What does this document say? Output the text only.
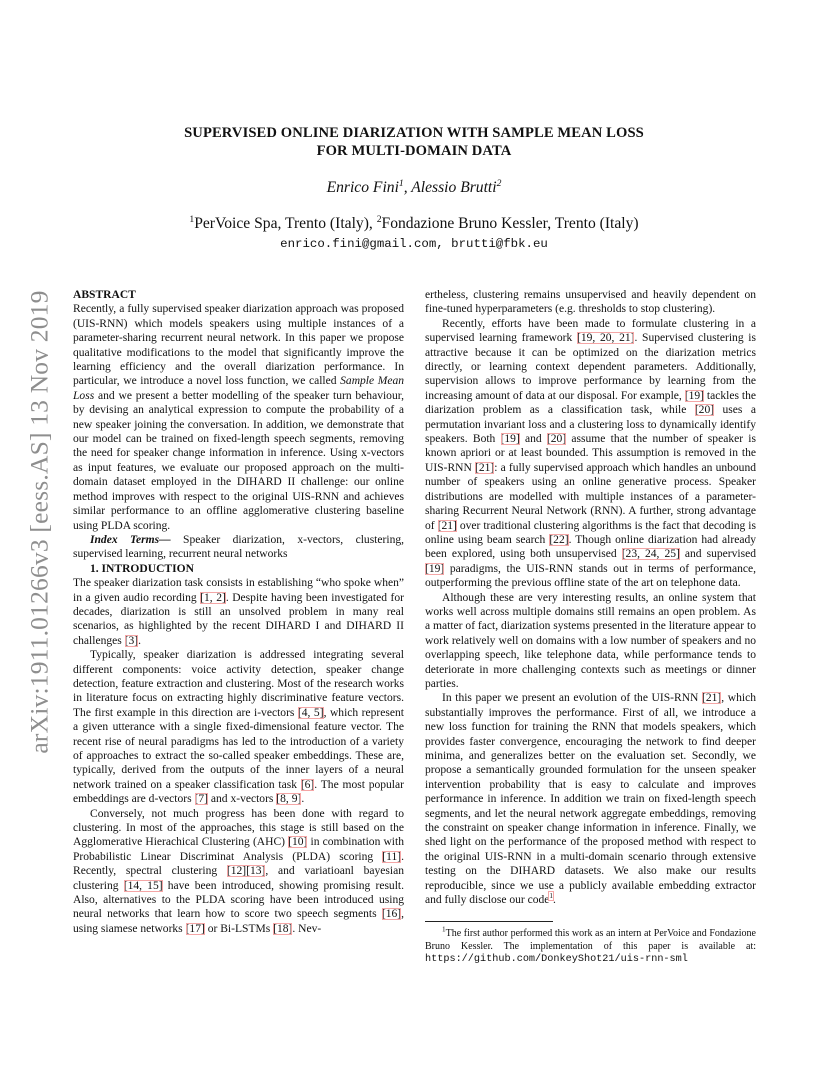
arXiv:1911.01266v3 [eess.AS] 13 Nov 2019
SUPERVISED ONLINE DIARIZATION WITH SAMPLE MEAN LOSS
FOR MULTI-DOMAIN DATA
Enrico Fini$^1$, Alessio Brutti$^2$
$^1$PerVoice Spa, Trento (Italy), $^2$Fondazione Bruno Kessler, Trento (Italy)
enrico.fini@gmail.com, brutti@fbk.eu

ABSTRACT

Recently, a fully supervised speaker diarization approach was proposed (UIS-RNN) which models speakers using multiple instances of a parameter-sharing recurrent neural network. In this paper we propose qualitative modifications to the model that significantly improve the learning efficiency and the overall diarization performance. In particular, we introduce a novel loss function, we called Sample Mean Loss and we present a better modelling of the speaker turn behaviour, by devising an analytical expression to compute the probability of a new speaker joining the conversation. In addition, we demonstrate that our model can be trained on fixed-length speech segments, removing the need for speaker change information in inference. Using x-vectors as input features, we evaluate our proposed approach on the multi-domain dataset employed in the DIHARD II challenge: our online method improves with respect to the original UIS-RNN and achieves similar performance to an offline agglomerative clustering baseline using PLDA scoring.

Index Terms— Speaker diarization, x-vectors, clustering, supervised learning, recurrent neural networks

1. INTRODUCTION

The speaker diarization task consists in establishing “who spoke when” in a given audio recording [1, 2]. Despite having been investigated for decades, diarization is still an unsolved problem in many real scenarios, as highlighted by the recent DIHARD I and DIHARD II challenges [3].

Typically, speaker diarization is addressed integrating several different components: voice activity detection, speaker change detection, feature extraction and clustering. Most of the research works in literature focus on extracting highly discriminative feature vectors. The first example in this direction are i-vectors [4, 5], which represent a given utterance with a single fixed-dimensional feature vector. The recent rise of neural paradigms has led to the introduction of a variety of approaches to extract the so-called speaker embeddings. These are, typically, derived from the outputs of the inner layers of a neural network trained on a speaker classification task [6]. The most popular embeddings are d-vectors [7] and x-vectors [8, 9].

Conversely, not much progress has been done with regard to clustering. In most of the approaches, this stage is still based on the Agglomerative Hierachical Clustering (AHC) [10] in combination with Probabilistic Linear Discriminat Analysis (PLDA) scoring [11]. Recently, spectral clustering [12][13], and variatioanl bayesian clustering [14, 15] have been introduced, showing promising result. Also, alternatives to the PLDA scoring have been introduced using neural networks that learn how to score two speech segments [16], using siamese networks [17] or Bi-LSTMs [18]. Nev-

ertheless, clustering remains unsupervised and heavily dependent on fine-tuned hyperparameters (e.g. thresholds to stop clustering).

Recently, efforts have been made to formulate clustering in a supervised learning framework [19, 20, 21]. Supervised clustering is attractive because it can be optimized on the diarization metrics directly, or learning context dependent parameters. Additionally, supervision allows to improve performance by learning from the increasing amount of data at our disposal. For example, [19] tackles the diarization problem as a classification task, while [20] uses a permutation invariant loss and a clustering loss to dynamically identify speakers. Both [19] and [20] assume that the number of speaker is known apriori or at least bounded. This assumption is removed in the UIS-RNN [21]: a fully supervised approach which handles an unbound number of speakers using an online generative process. Speaker distributions are modelled with multiple instances of a parameter-sharing Recurrent Neural Network (RNN). A further, strong advantage of [21] over traditional clustering algorithms is the fact that decoding is online using beam search [22]. Though online diarization had already been explored, using both unsupervised [23, 24, 25] and supervised [19] paradigms, the UIS-RNN stands out in terms of performance, outperforming the previous offline state of the art on telephone data.

Although these are very interesting results, an online system that works well across multiple domains still remains an open problem. As a matter of fact, diarization systems presented in the literature appear to work relatively well on domains with a low number of speakers and no overlapping speech, like telephone data, while performance tends to deteriorate in more challenging contexts such as meetings or dinner parties.

In this paper we present an evolution of the UIS-RNN [21], which substantially improves the performance. First of all, we introduce a new loss function for training the RNN that models speakers, which provides faster convergence, encouraging the network to find deeper minima, and generalizes better on the evaluation set. Secondly, we propose a semantically grounded formulation for the unseen speaker intervention probability that is easy to calculate and improves performance in inference. In addition we train on fixed-length speech segments, and let the neural network aggregate embeddings, removing the constraint on speaker change information in inference. Finally, we shed light on the performance of the proposed method with respect to the original UIS-RNN in a multi-domain scenario through extensive testing on the DIHARD datasets. We also make our results reproducible, since we use a publicly available embedding extractor and fully disclose our code$^1$.

$^1$The first author performed this work as an intern at PerVoice and Fondazione Bruno Kessler. The implementation of this paper is available at: https://github.com/DonkeyShot21/uis-rnn-sml
